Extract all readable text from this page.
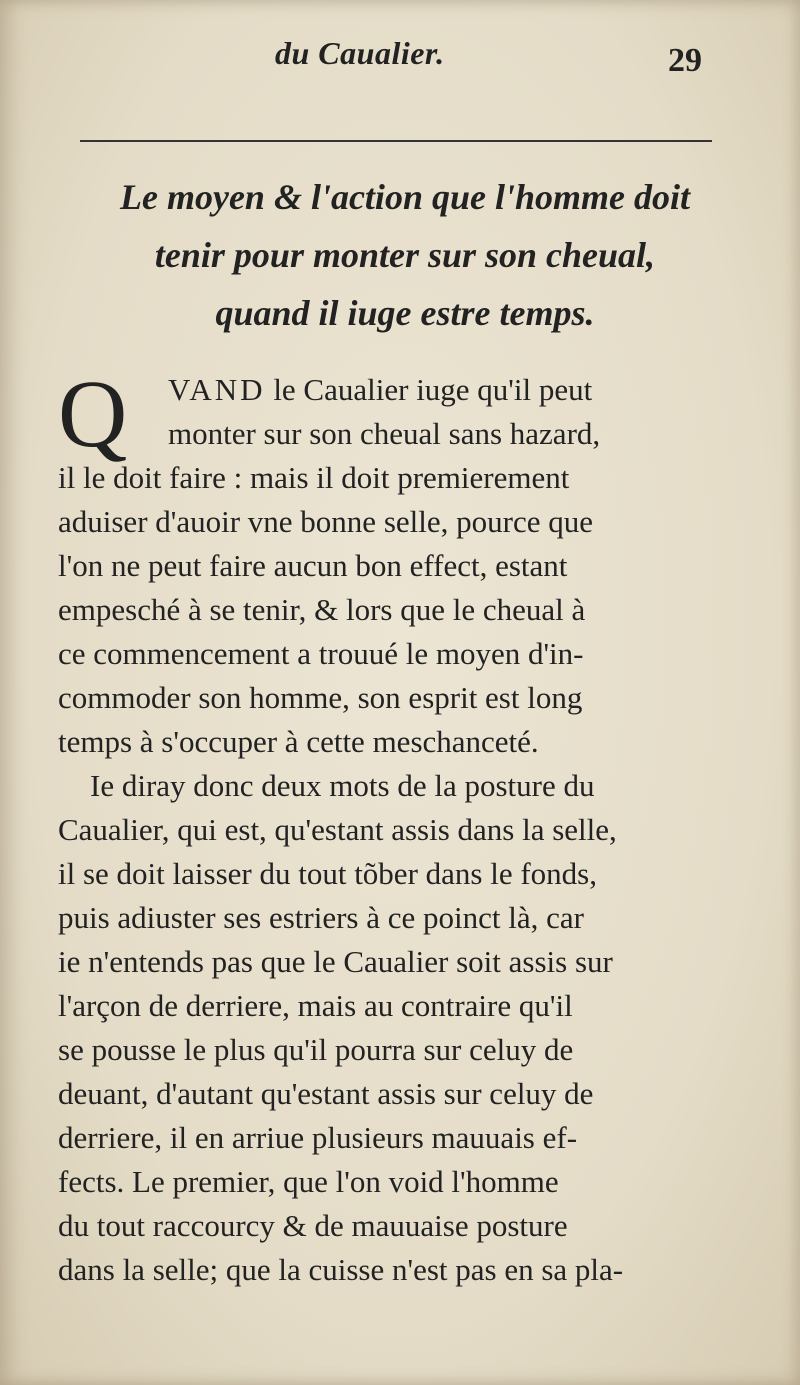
du Caualier.	29
Le moyen & l'action que l'homme doit
tenir pour monter sur son cheual,
quand il iuge estre temps.
Q	VAND le Caualier iuge qu'il peut
monter sur son cheual sans hazard,
il le doit faire : mais il doit premierement
aduiser d'auoir vne bonne selle, pource que
l'on ne peut faire aucun bon effect, estant
empesché à se tenir, & lors que le cheual à
ce commencement a trouué le moyen d'in-
commoder son homme, son esprit est long
temps à s'occuper à cette meschanceté.
Ie diray donc deux mots de la posture du
Caualier, qui est, qu'estant assis dans la selle,
il se doit laisser du tout tõber dans le fonds,
puis adiuster ses estriers à ce poinct là, car
ie n'entends pas que le Caualier soit assis sur
l'arçon de derriere, mais au contraire qu'il
se pousse le plus qu'il pourra sur celuy de
deuant, d'autant qu'estant assis sur celuy de
derriere, il en arriue plusieurs mauuais ef-
fects. Le premier, que l'on void l'homme
du tout raccourcy & de mauuaise posture
dans la selle; que la cuisse n'est pas en sa pla-
